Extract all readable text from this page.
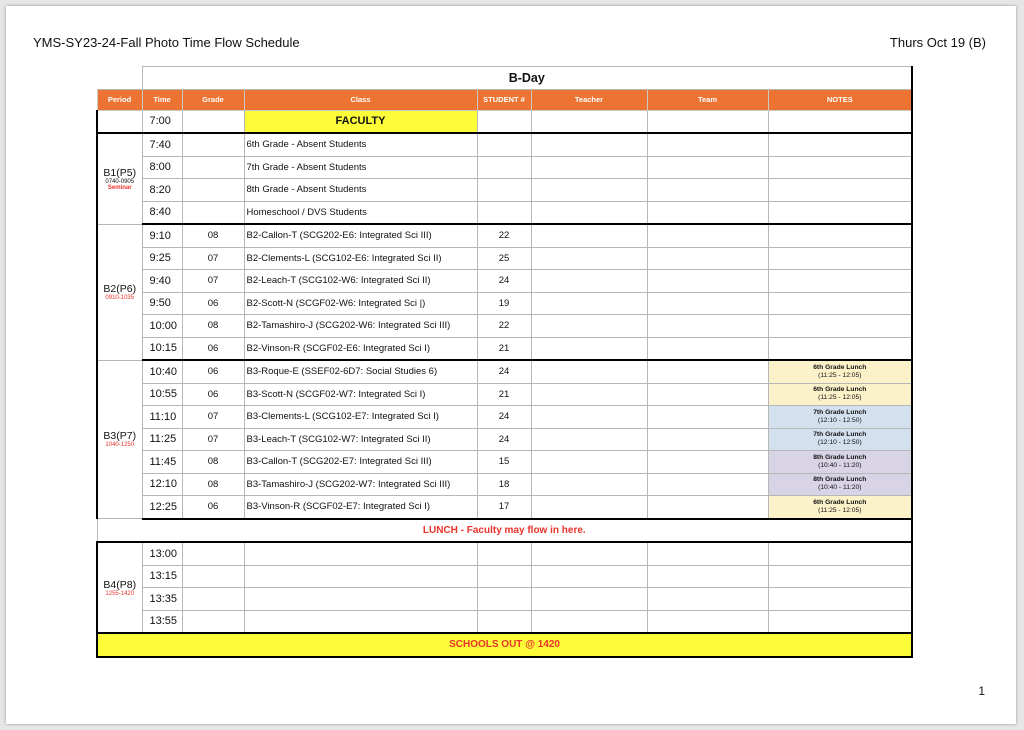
YMS-SY23-24-Fall Photo Time Flow Schedule	Thurs Oct 19 (B)
1
	B-Day						
Period	Time	Grade	Class	STUDENT #	Teacher	Team	NOTES
	7:00		FACULTY				

B1(P5)
0740-0905
Seminar	7:40		6th Grade - Absent Students				
	8:00		7th Grade - Absent Students				
	8:20		8th Grade - Absent Students				
	8:40		Homeschool / DVS Students				

B2(P6)
0910-1035	9:10	08	B2-Callon-T (SCG202-E6: Integrated Sci III)	22			
	9:25	07	B2-Clements-L (SCG102-E6: Integrated Sci II)	25			
	9:40	07	B2-Leach-T (SCG102-W6: Integrated Sci II)	24			
	9:50	06	B2-Scott-N (SCGF02-W6: Integrated Sci |)	19			
	10:00	08	B2-Tamashiro-J (SCG202-W6: Integrated Sci III)	22			
	10:15	06	B2-Vinson-R (SCGF02-E6: Integrated Sci I)	21			

B3(P7)
1040-1250	10:40	06	B3-Roque-E (SSEF02-6D7: Social Studies 6)	24			6th Grade Lunch
(11:25 - 12:05)
	10:55	06	B3-Scott-N (SCGF02-W7: Integrated Sci I)	21			6th Grade Lunch
(11:25 - 12:05)
	11:10	07	B3-Clements-L (SCG102-E7: Integrated Sci I)	24			7th Grade Lunch
(12:10 - 12:50)
	11:25	07	B3-Leach-T (SCG102-W7: Integrated Sci II)	24			7th Grade Lunch
(12:10 - 12:50)
	11:45	08	B3-Callon-T (SCG202-E7: Integrated Sci III)	15			8th Grade Lunch
(10:40 - 11:20)
	12:10	08	B3-Tamashiro-J (SCG202-W7: Integrated Sci III)	18			8th Grade Lunch
(10:40 - 11:20)
	12:25	06	B3-Vinson-R (SCGF02-E7: Integrated Sci I)	17			6th Grade Lunch
(11:25 - 12:05)
LUNCH - Faculty may flow in here.							

B4(P8)
1255-1420	13:00						
	13:15						
	13:35						
	13:55						
SCHOOLS OUT @ 1420							
